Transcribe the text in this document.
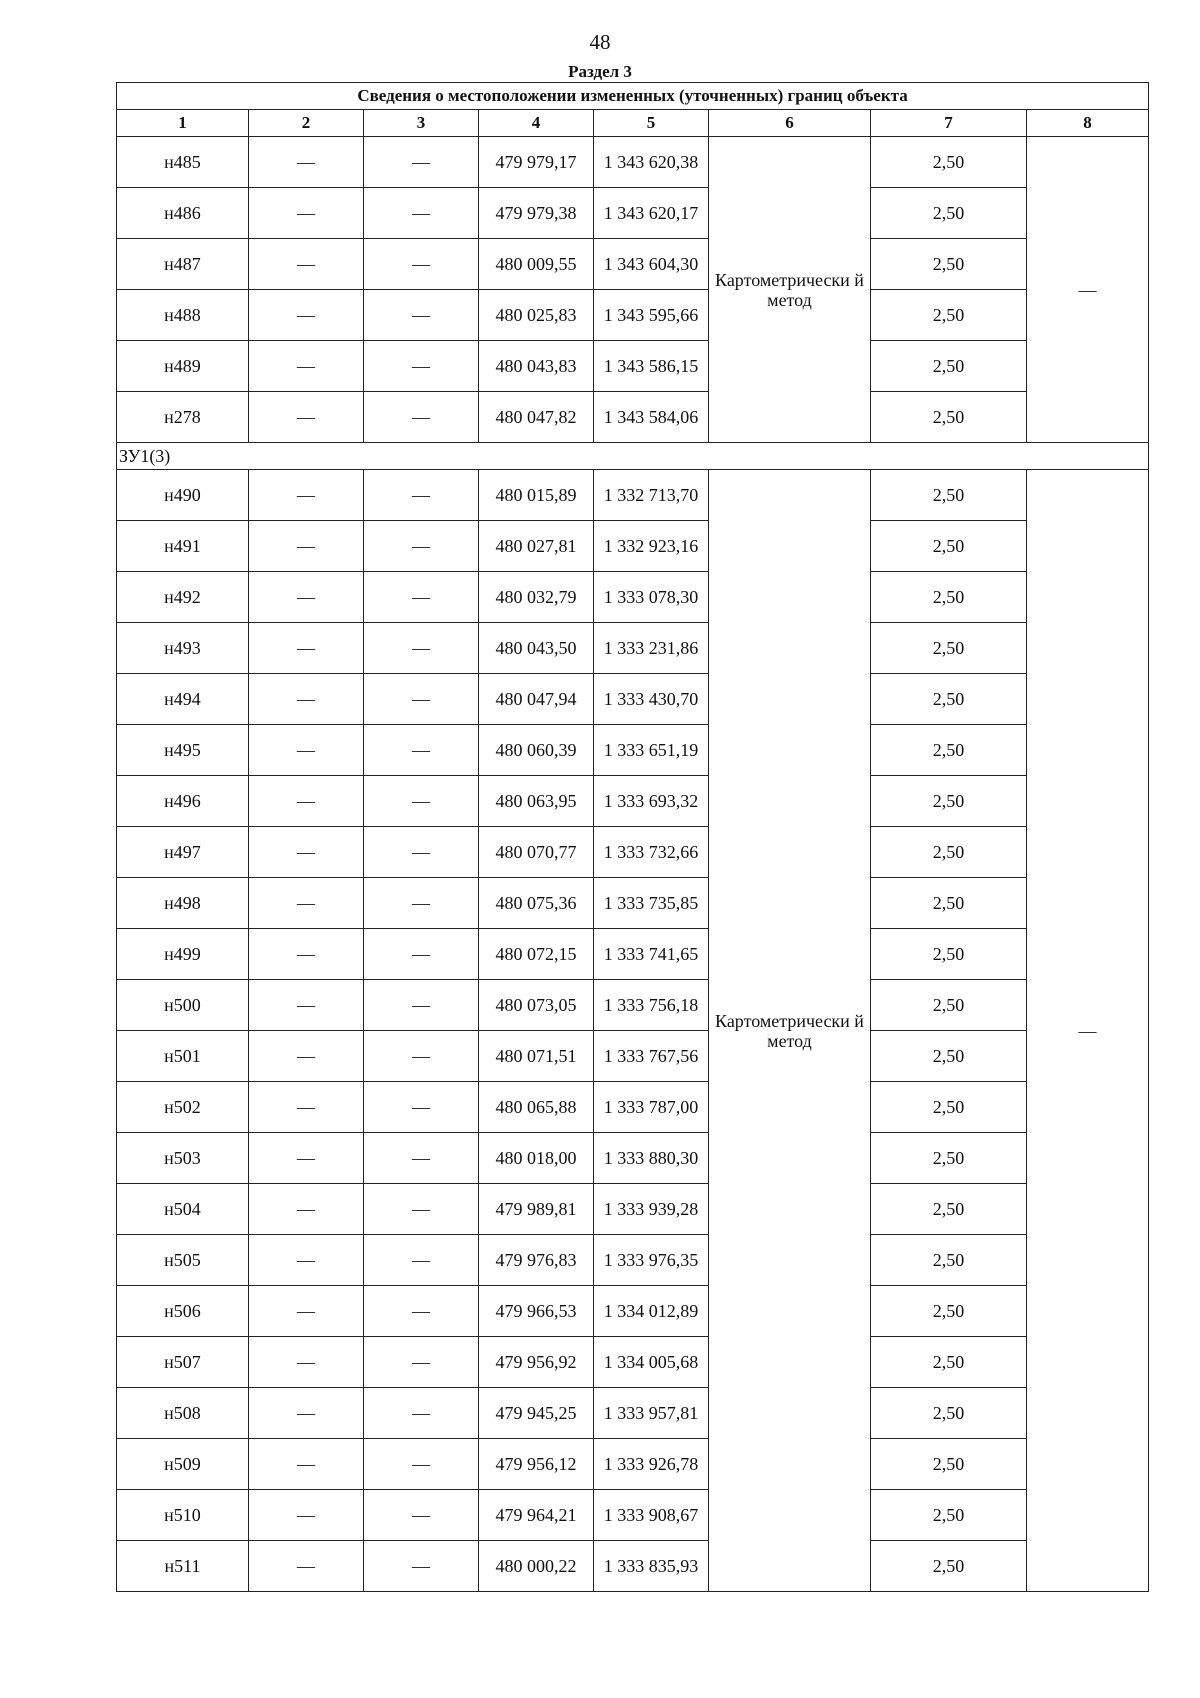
48
Раздел 3
Сведения о местоположении измененных (уточненных) границ объекта							
1	2	3	4	5	6	7	8
н485	—	—	479 979,17	1 343 620,38	Картометрически й метод	2,50	—
н486	—	—	479 979,38	1 343 620,17		2,50	
н487	—	—	480 009,55	1 343 604,30		2,50	
н488	—	—	480 025,83	1 343 595,66		2,50	
н489	—	—	480 043,83	1 343 586,15		2,50	
н278	—	—	480 047,82	1 343 584,06		2,50	
ЗУ1(3)							
н490	—	—	480 015,89	1 332 713,70	Картометрически й метод	2,50	—
н491	—	—	480 027,81	1 332 923,16		2,50	
н492	—	—	480 032,79	1 333 078,30		2,50	
н493	—	—	480 043,50	1 333 231,86		2,50	
н494	—	—	480 047,94	1 333 430,70		2,50	
н495	—	—	480 060,39	1 333 651,19		2,50	
н496	—	—	480 063,95	1 333 693,32		2,50	
н497	—	—	480 070,77	1 333 732,66		2,50	
н498	—	—	480 075,36	1 333 735,85		2,50	
н499	—	—	480 072,15	1 333 741,65		2,50	
н500	—	—	480 073,05	1 333 756,18		2,50	
н501	—	—	480 071,51	1 333 767,56		2,50	
н502	—	—	480 065,88	1 333 787,00		2,50	
н503	—	—	480 018,00	1 333 880,30		2,50	
н504	—	—	479 989,81	1 333 939,28		2,50	
н505	—	—	479 976,83	1 333 976,35		2,50	
н506	—	—	479 966,53	1 334 012,89		2,50	
н507	—	—	479 956,92	1 334 005,68		2,50	
н508	—	—	479 945,25	1 333 957,81		2,50	
н509	—	—	479 956,12	1 333 926,78		2,50	
н510	—	—	479 964,21	1 333 908,67		2,50	
н511	—	—	480 000,22	1 333 835,93		2,50	
